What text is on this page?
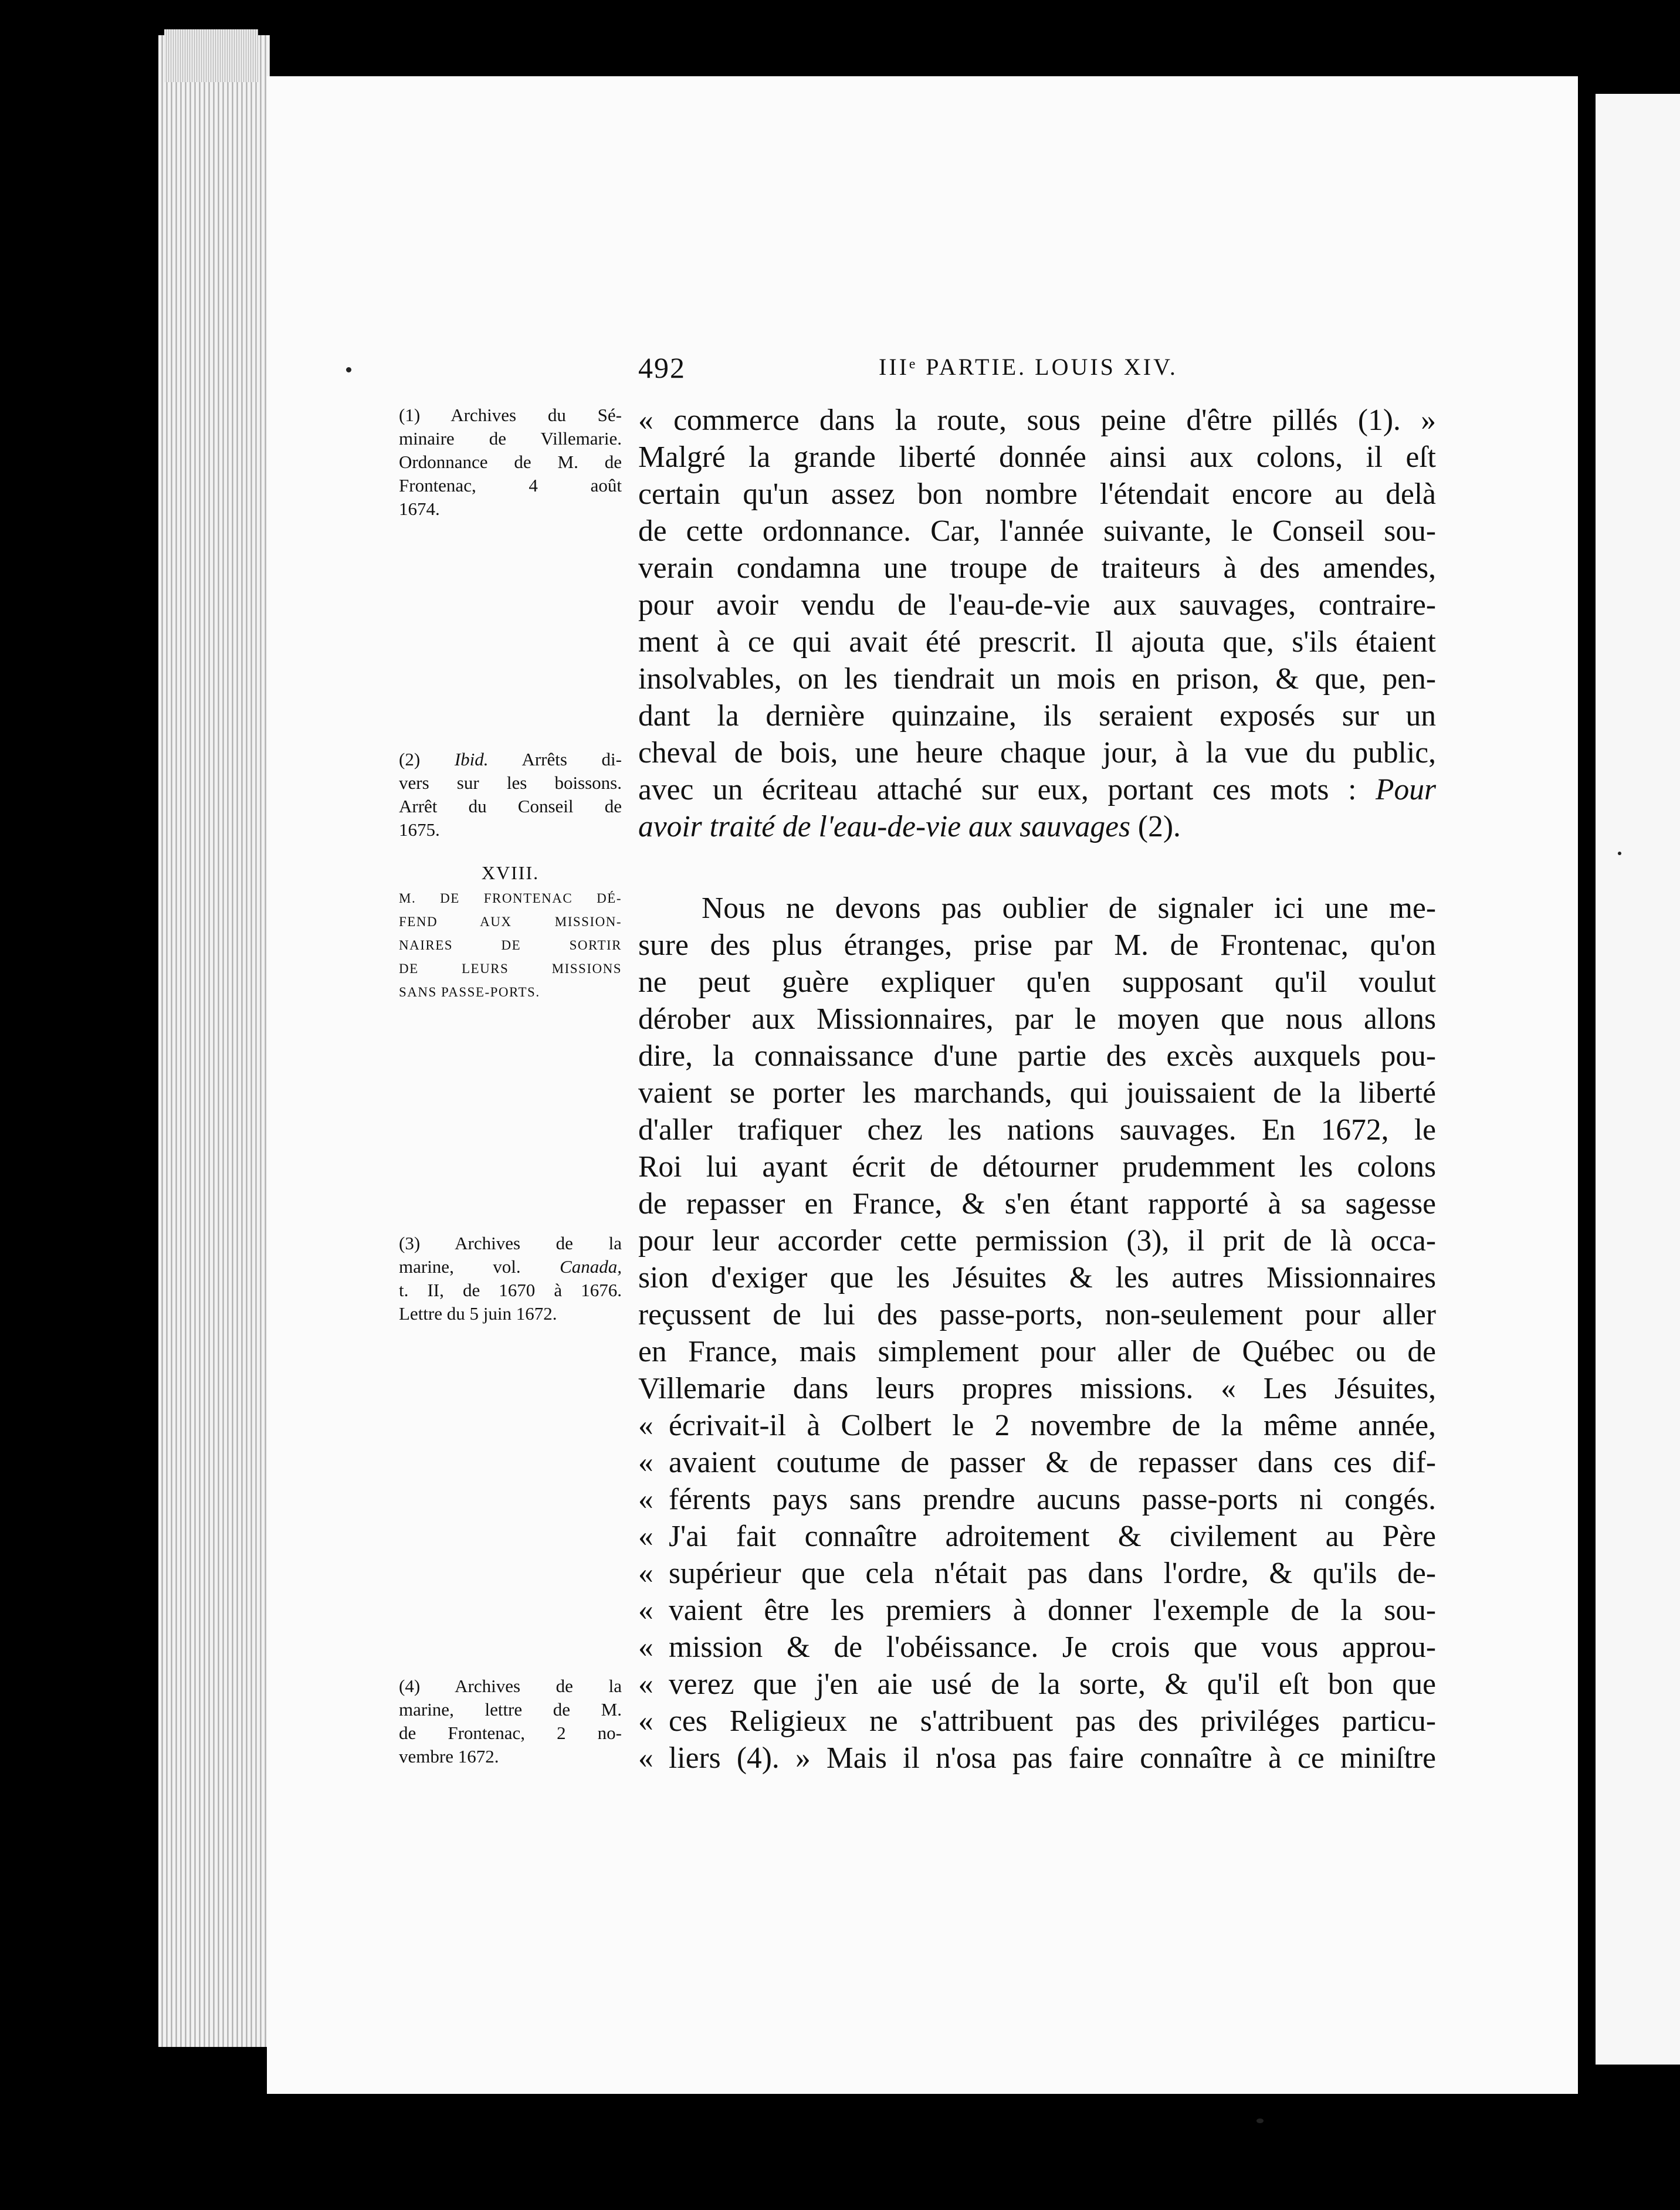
492	IIIᵉ PARTIE. LOUIS XIV.
(1) Archives du Sé-
minaire de Villemarie.
Ordonnance de M. de
Frontenac, 4 août
1674.
(2) Ibid. Arrêts di-
vers sur les boissons.
Arrêt du Conseil de
1675.
XVIII.
M. DE FRONTENAC DÉ-
FEND AUX MISSION-
NAIRES DE SORTIR
DE LEURS MISSIONS
SANS PASSE-PORTS.
(3) Archives de la
marine, vol. Canada,
t. II, de 1670 à 1676.
Lettre du 5 juin 1672.
(4) Archives de la
marine, lettre de M.
de Frontenac, 2 no-
vembre 1672.
« commerce dans la route, sous peine d'être pillés (1). »
Malgré la grande liberté donnée ainsi aux colons, il eſt
certain qu'un assez bon nombre l'étendait encore au delà
de cette ordonnance. Car, l'année suivante, le Conseil sou-
verain condamna une troupe de traiteurs à des amendes,
pour avoir vendu de l'eau-de-vie aux sauvages, contraire-
ment à ce qui avait été prescrit. Il ajouta que, s'ils étaient
insolvables, on les tiendrait un mois en prison, & que, pen-
dant la dernière quinzaine, ils seraient exposés sur un
cheval de bois, une heure chaque jour, à la vue du public,
avec un écriteau attaché sur eux, portant ces mots : Pour
avoir traité de l'eau-de-vie aux sauvages (2).
Nous ne devons pas oublier de signaler ici une me-
sure des plus étranges, prise par M. de Frontenac, qu'on
ne peut guère expliquer qu'en supposant qu'il voulut
dérober aux Missionnaires, par le moyen que nous allons
dire, la connaissance d'une partie des excès auxquels pou-
vaient se porter les marchands, qui jouissaient de la liberté
d'aller trafiquer chez les nations sauvages. En 1672, le
Roi lui ayant écrit de détourner prudemment les colons
de repasser en France, & s'en étant rapporté à sa sagesse
pour leur accorder cette permission (3), il prit de là occa-
sion d'exiger que les Jésuites & les autres Missionnaires
reçussent de lui des passe-ports, non-seulement pour aller
en France, mais simplement pour aller de Québec ou de
Villemarie dans leurs propres missions. « Les Jésuites,
« écrivait-il à Colbert le 2 novembre de la même année,
« avaient coutume de passer & de repasser dans ces dif-
« férents pays sans prendre aucuns passe-ports ni congés.
« J'ai fait connaître adroitement & civilement au Père
« supérieur que cela n'était pas dans l'ordre, & qu'ils de-
« vaient être les premiers à donner l'exemple de la sou-
« mission & de l'obéissance. Je crois que vous approu-
« verez que j'en aie usé de la sorte, & qu'il eſt bon que
« ces Religieux ne s'attribuent pas des priviléges particu-
« liers (4). » Mais il n'osa pas faire connaître à ce miniſtre
